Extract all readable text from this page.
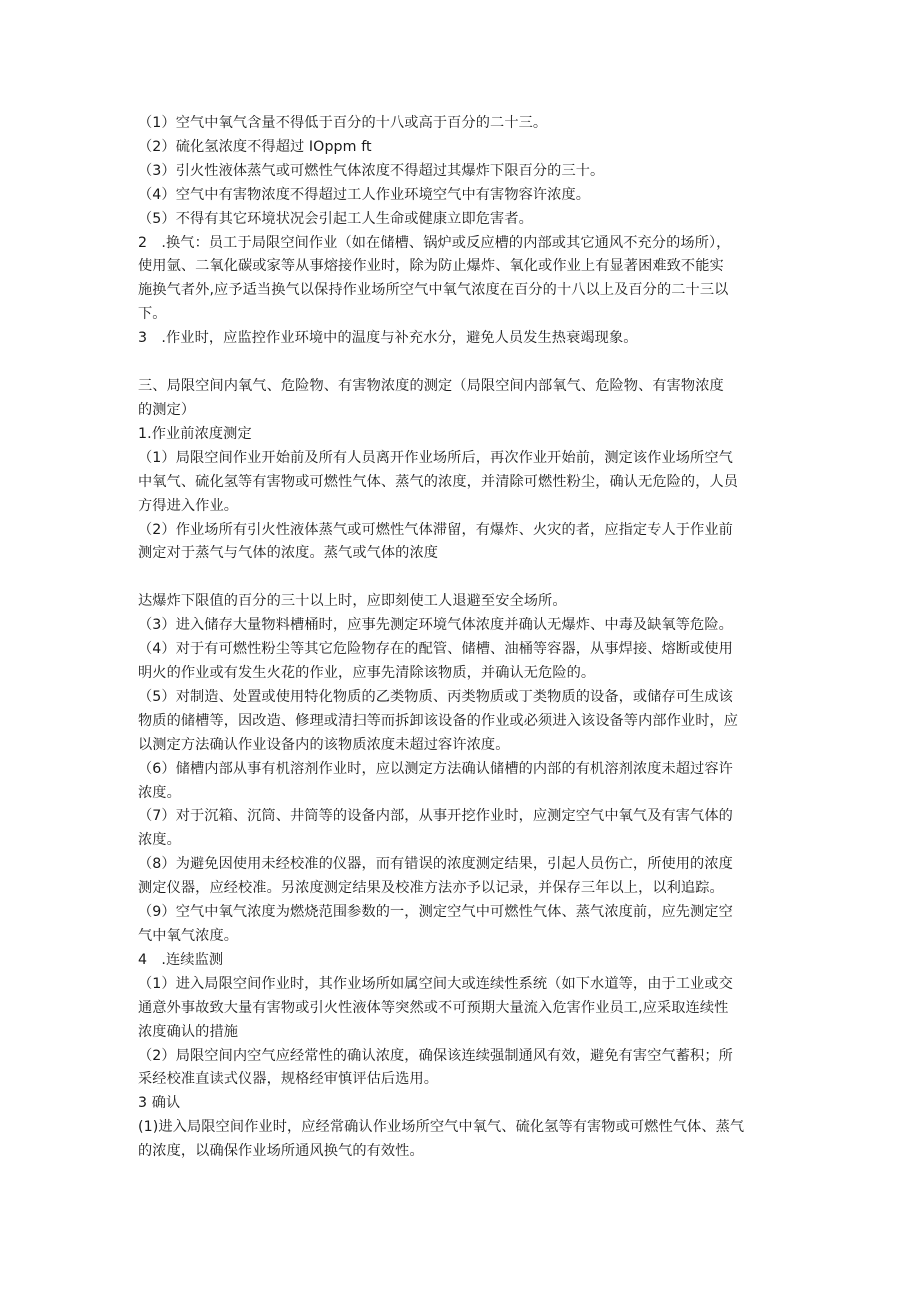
（1）空气中氧气含量不得低于百分的十八或高于百分的二十三。
（2）硫化氢浓度不得超过 IOppm ft
（3）引火性液体蒸气或可燃性气体浓度不得超过其爆炸下限百分的三十。
（4）空气中有害物浓度不得超过工人作业环境空气中有害物容许浓度。
（5）不得有其它环境状况会引起工人生命或健康立即危害者。
2　.换气：员工于局限空间作业（如在储槽、锅炉或反应槽的内部或其它通风不充分的场所），
使用氩、二氧化碳或家等从事熔接作业时，除为防止爆炸、氧化或作业上有显著困难致不能实
施换气者外,应予适当换气以保持作业场所空气中氧气浓度在百分的十八以上及百分的二十三以
下。
3　.作业时，应监控作业环境中的温度与补充水分，避免人员发生热衰竭现象。
三、局限空间内氧气、危险物、有害物浓度的测定（局限空间内部氧气、危险物、有害物浓度
的测定）
1.作业前浓度测定
（1）局限空间作业开始前及所有人员离开作业场所后，再次作业开始前，测定该作业场所空气
中氧气、硫化氢等有害物或可燃性气体、蒸气的浓度，并清除可燃性粉尘，确认无危险的，人员
方得进入作业。
（2）作业场所有引火性液体蒸气或可燃性气体滞留，有爆炸、火灾的者，应指定专人于作业前
测定对于蒸气与气体的浓度。蒸气或气体的浓度
达爆炸下限值的百分的三十以上时，应即刻使工人退避至安全场所。
（3）进入储存大量物料槽桶时，应事先测定环境气体浓度并确认无爆炸、中毒及缺氧等危险。
（4）对于有可燃性粉尘等其它危险物存在的配管、储槽、油桶等容器，从事焊接、熔断或使用
明火的作业或有发生火花的作业，应事先清除该物质，并确认无危险的。
（5）对制造、处置或使用特化物质的乙类物质、丙类物质或丁类物质的设备，或储存可生成该
物质的储槽等，因改造、修理或清扫等而拆卸该设备的作业或必须进入该设备等内部作业时，应
以测定方法确认作业设备内的该物质浓度未超过容许浓度。
（6）储槽内部从事有机溶剂作业时，应以测定方法确认储槽的内部的有机溶剂浓度未超过容许
浓度。
（7）对于沉箱、沉筒、井筒等的设备内部，从事开挖作业时，应测定空气中氧气及有害气体的
浓度。
（8）为避免因使用未经校准的仪器，而有错误的浓度测定结果，引起人员伤亡，所使用的浓度
测定仪器，应经校准。另浓度测定结果及校准方法亦予以记录，并保存三年以上，以利追踪。
（9）空气中氧气浓度为燃烧范围参数的一，测定空气中可燃性气体、蒸气浓度前，应先测定空
气中氧气浓度。
4　.连续监测
（1）进入局限空间作业时，其作业场所如属空间大或连续性系统（如下水道等，由于工业或交
通意外事故致大量有害物或引火性液体等突然或不可预期大量流入危害作业员工,应采取连续性
浓度确认的措施
（2）局限空间内空气应经常性的确认浓度，确保该连续强制通风有效，避免有害空气蓄积；所
采经校准直读式仪器，规格经审慎评估后选用。
3 确认
(1)进入局限空间作业时，应经常确认作业场所空气中氧气、硫化氢等有害物或可燃性气体、蒸气
的浓度，以确保作业场所通风换气的有效性。
